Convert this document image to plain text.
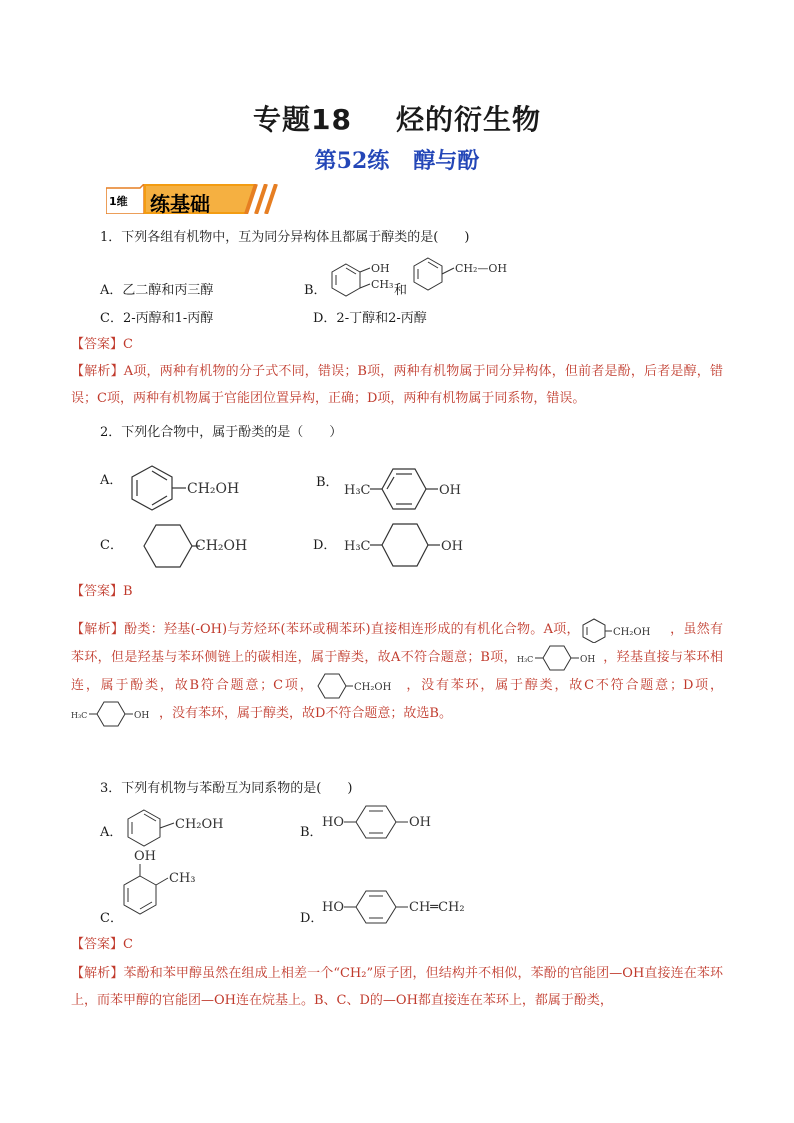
专题18 烃的衍生物
第52练 醇与酚
1维 练基础
1．下列各组有机物中，互为同分异构体且都属于醇类的是(　　)
A．乙二醇和丙三醇	B．
OH
CH₃ 和
CH₂—OH
C．2-丙醇和1-丙醇	D．2-丁醇和2-丙醇
【答案】C
【解析】A项，两种有机物的分子式不同，错误；B项，两种有机物属于同分异构体，但前者是酚，后者是醇，错误；C项，两种有机物属于官能团位置异构，正确；D项，两种有机物属于同系物，错误。
2．下列化合物中，属于酚类的是（　　）
A．
CH₂OH	B．
H₃C	OH
C．	CH₂OH	D． H₃C	OH
【答案】B
【解析】酚类：羟基(-OH)与芳烃环(苯环或稠苯环)直接相连形成的有机化合物。A项，	CH₂OH ，虽然有苯环，但是羟基与苯环侧链上的碳相连，属于醇类，故A不符合题意；B项， H₃C	OH ，羟基直接与苯环相连，属于酚类，故B符合题意；C项，	CH₂OH ，没有苯环，属于醇类，故C不符合题意；D项，
H₃C	OH ，没有苯环，属于醇类，故D不符合题意；故选B。
3．下列有机物与苯酚互为同系物的是(　　)
A．
CH₂OH
B．
HO	OH
OH
CH₃
C．	D．
HO	CH═CH₂
【答案】C
【解析】苯酚和苯甲醇虽然在组成上相差一个“CH₂”原子团，但结构并不相似，苯酚的官能团—OH直接连在苯环上，而苯甲醇的官能团—OH连在烷基上。B、C、D的—OH都直接连在苯环上，都属于酚类，
